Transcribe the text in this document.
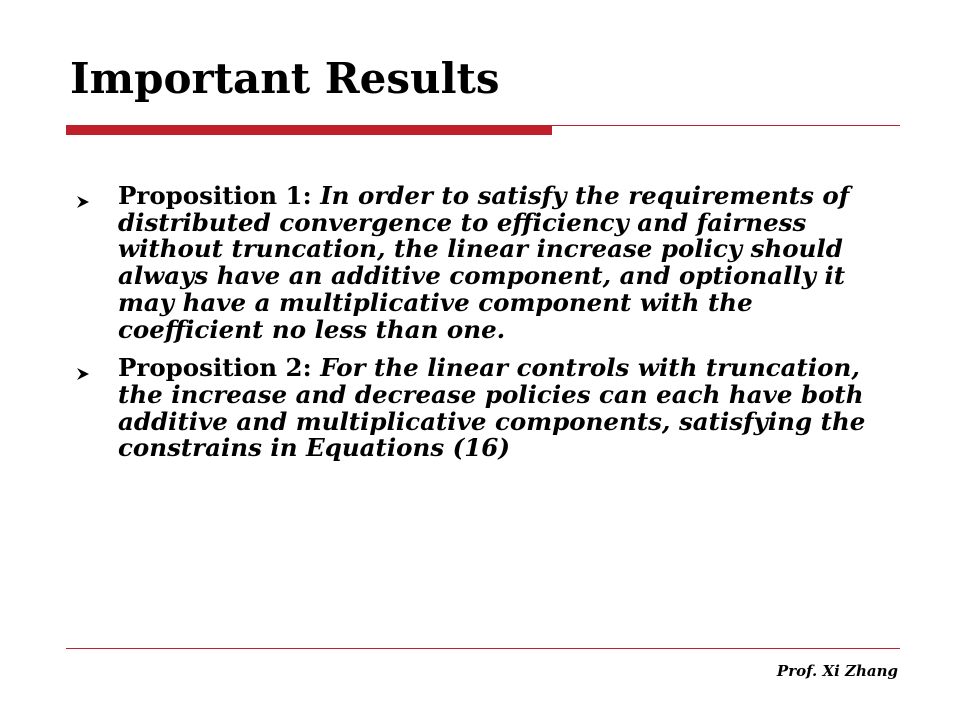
Important Results
Proposition 1: In order to satisfy the requirements of distributed convergence to efficiency and fairness without truncation, the linear increase policy should always have an additive component, and optionally it may have a multiplicative component with the coefficient no less than one.
Proposition 2: For the linear controls with truncation, the increase and decrease policies can each have both additive and multiplicative components, satisfying the constrains in Equations (16)
Prof. Xi Zhang
